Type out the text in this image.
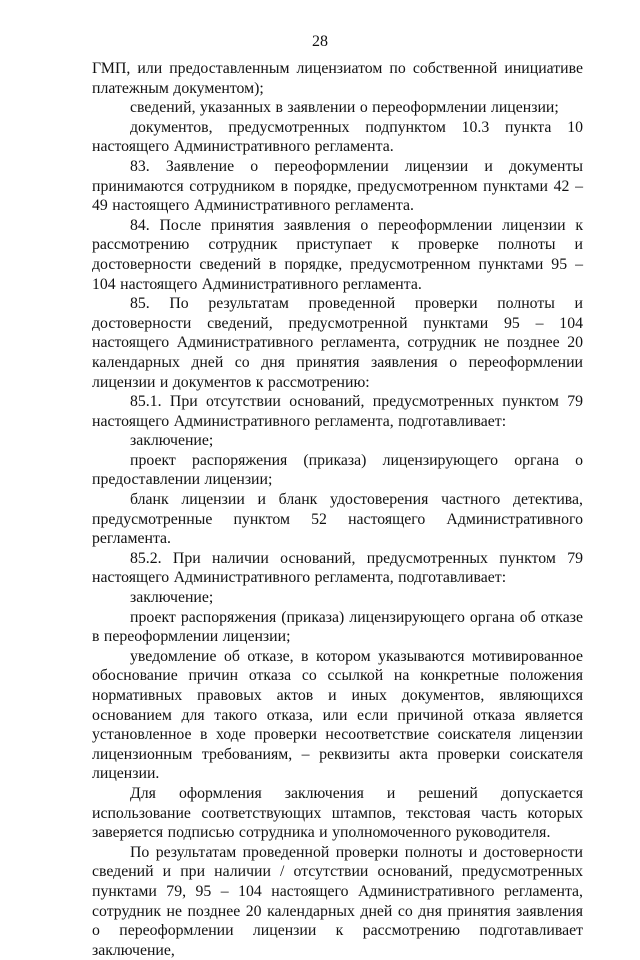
28

ГМП, или предоставленным лицензиатом по собственной инициативе платежным документом);

сведений, указанных в заявлении о переоформлении лицензии;

документов, предусмотренных подпунктом 10.3 пункта 10 настоящего Административного регламента.

83. Заявление о переоформлении лицензии и документы принимаются сотрудником в порядке, предусмотренном пунктами 42 – 49 настоящего Административного регламента.

84. После принятия заявления о переоформлении лицензии к рассмотрению сотрудник приступает к проверке полноты и достоверности сведений в порядке, предусмотренном пунктами 95 – 104 настоящего Административного регламента.

85. По результатам проведенной проверки полноты и достоверности сведений, предусмотренной пунктами 95 – 104 настоящего Административного регламента, сотрудник не позднее 20 календарных дней со дня принятия заявления о переоформлении лицензии и документов к рассмотрению:

85.1. При отсутствии оснований, предусмотренных пунктом 79 настоящего Административного регламента, подготавливает:

заключение;

проект распоряжения (приказа) лицензирующего органа о предоставлении лицензии;

бланк лицензии и бланк удостоверения частного детектива, предусмотренные пунктом 52 настоящего Административного регламента.

85.2. При наличии оснований, предусмотренных пунктом 79 настоящего Административного регламента, подготавливает:

заключение;

проект распоряжения (приказа) лицензирующего органа об отказе в переоформлении лицензии;

уведомление об отказе, в котором указываются мотивированное обоснование причин отказа со ссылкой на конкретные положения нормативных правовых актов и иных документов, являющихся основанием для такого отказа, или если причиной отказа является установленное в ходе проверки несоответствие соискателя лицензии лицензионным требованиям, – реквизиты акта проверки соискателя лицензии.

Для оформления заключения и решений допускается использование соответствующих штампов, текстовая часть которых заверяется подписью сотрудника и уполномоченного руководителя.

По результатам проведенной проверки полноты и достоверности сведений и при наличии / отсутствии оснований, предусмотренных пунктами 79, 95 – 104 настоящего Административного регламента, сотрудник не позднее 20 календарных дней со дня принятия заявления о переоформлении лицензии к рассмотрению подготавливает заключение,
